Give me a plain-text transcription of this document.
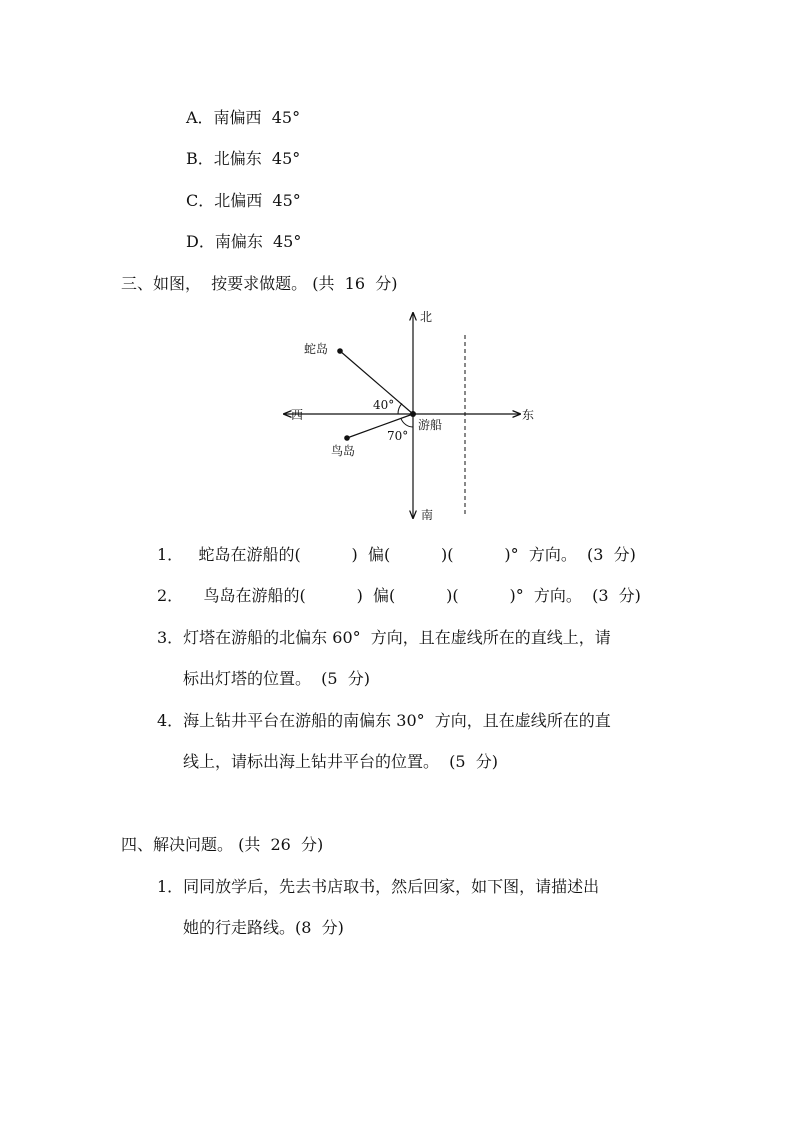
A．南偏西  45°
B．北偏东  45°
C．北偏西  45°
D．南偏东  45°
三、如图，  按要求做题。 (共  16  分)
北
南
东
西
蛇岛
鸟岛
游船
40°
70°
1．   蛇岛在游船的(          )  偏(          )(          )°  方向。  (3  分)
2．    鸟岛在游船的(          )  偏(          )(          )°  方向。  (3  分)
3．灯塔在游船的北偏东 60°  方向，且在虚线所在的直线上，请
标出灯塔的位置。  (5  分)
4．海上钻井平台在游船的南偏东 30°  方向，且在虚线所在的直
线上，请标出海上钻井平台的位置。  (5  分)
四、解决问题。 (共  26  分)
1．同同放学后，先去书店取书，然后回家，如下图，请描述出
她的行走路线。(8  分)
